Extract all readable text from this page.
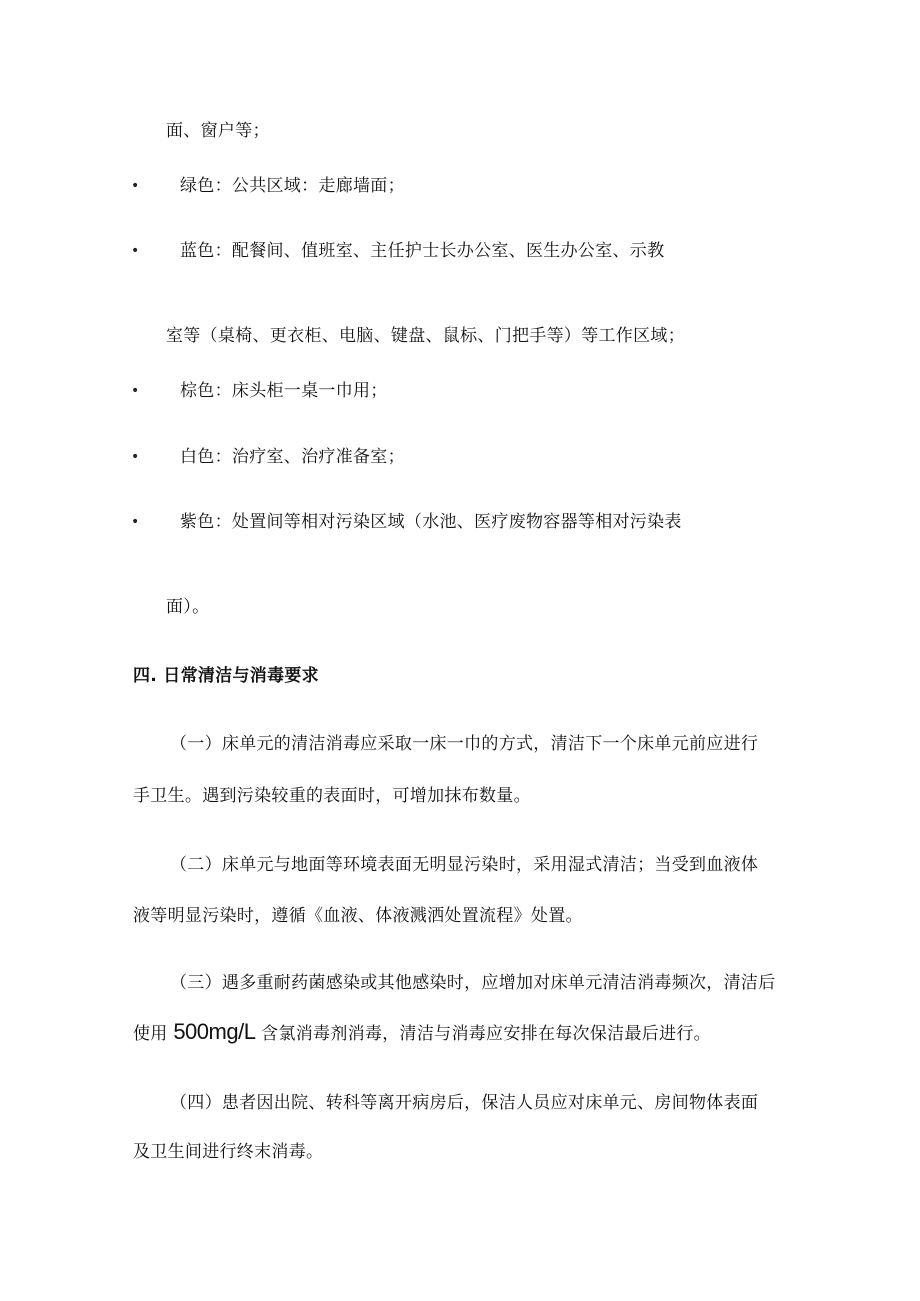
面、窗户等；
• 绿色：公共区域：走廊墙面；
• 蓝色：配餐间、值班室、主任护士长办公室、医生办公室、示教
室等（桌椅、更衣柜、电脑、键盘、鼠标、门把手等）等工作区域；
• 棕色：床头柜一桌一巾用；
• 白色：治疗室、治疗准备室；
• 紫色：处置间等相对污染区域（水池、医疗废物容器等相对污染表
面）。
四. 日常清洁与消毒要求
（一）床单元的清洁消毒应采取一床一巾的方式，清洁下一个床单元前应进行
手卫生。遇到污染较重的表面时，可增加抹布数量。
（二）床单元与地面等环境表面无明显污染时，采用湿式清洁；当受到血液体
液等明显污染时，遵循《血液、体液溅洒处置流程》处置。
（三）遇多重耐药菌感染或其他感染时，应增加对床单元清洁消毒频次，清洁后
使用 500mg/L 含氯消毒剂消毒，清洁与消毒应安排在每次保洁最后进行。
（四）患者因出院、转科等离开病房后，保洁人员应对床单元、房间物体表面
及卫生间进行终末消毒。
